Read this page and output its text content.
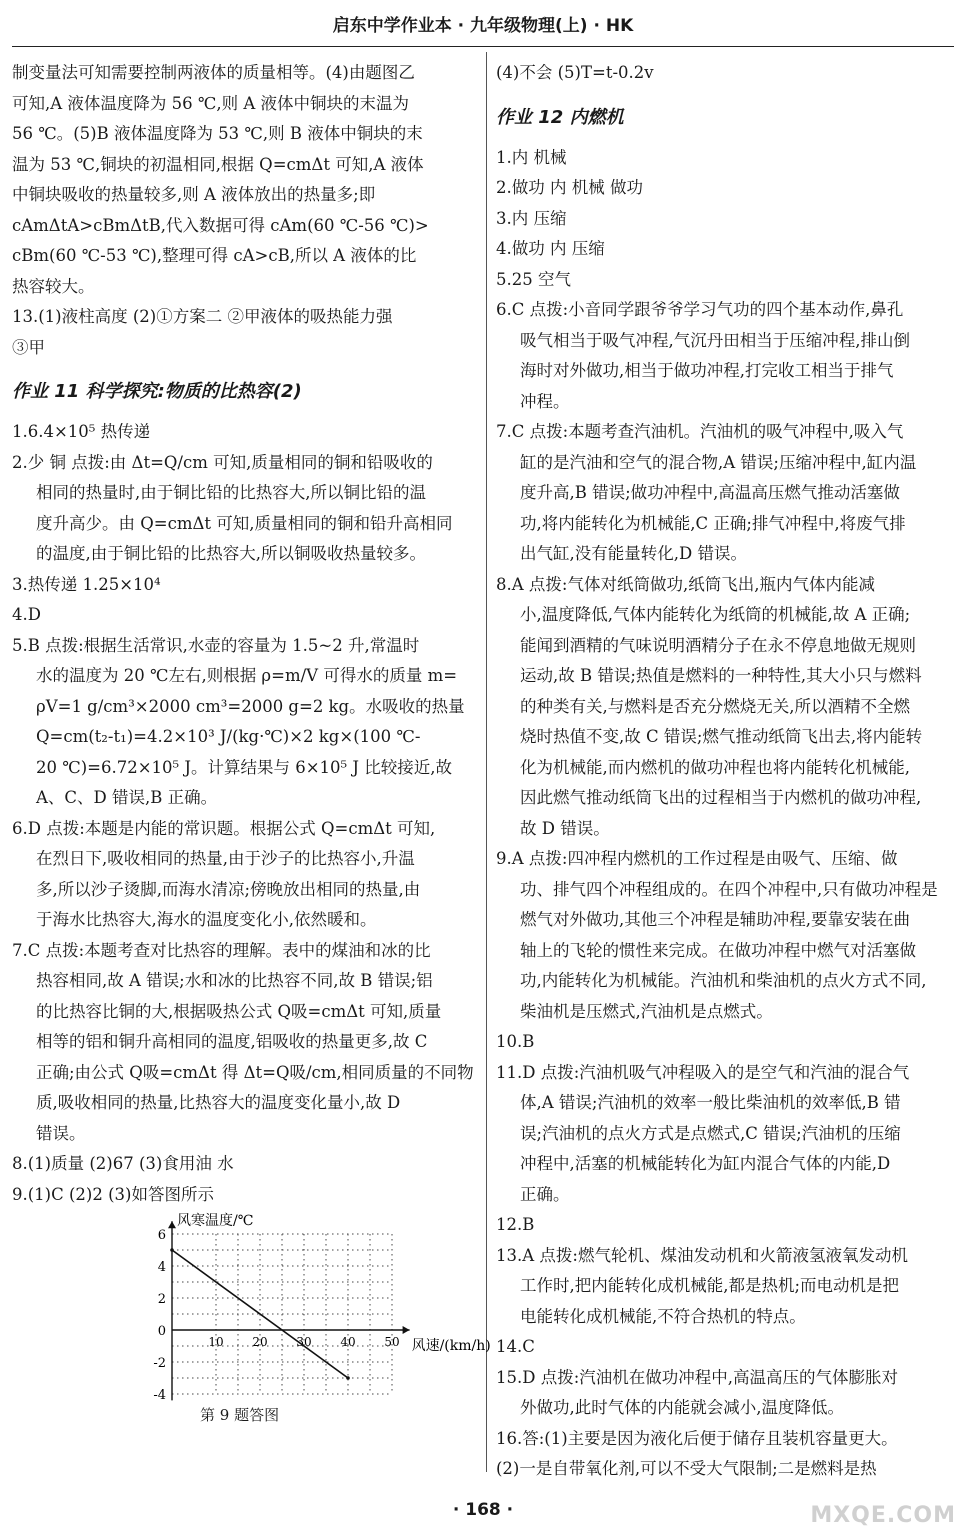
启东中学作业本 · 九年级物理(上) · HK
制变量法可知需要控制两液体的质量相等。(4)由题图乙
可知,A 液体温度降为 56 ℃,则 A 液体中铜块的末温为
56 ℃。(5)B 液体温度降为 53 ℃,则 B 液体中铜块的末
温为 53 ℃,铜块的初温相同,根据 Q=cmΔt 可知,A 液体
中铜块吸收的热量较多,则 A 液体放出的热量多;即
cAmΔtA>cBmΔtB,代入数据可得 cAm(60 ℃-56 ℃)>
cBm(60 ℃-53 ℃),整理可得 cA>cB,所以 A 液体的比
热容较大。
13.(1)液柱高度 (2)①方案二 ②甲液体的吸热能力强
③甲
作业 11 科学探究:物质的比热容(2)
1.6.4×10⁵ 热传递
2.少 铜 点拨:由 Δt=Q/cm 可知,质量相同的铜和铅吸收的
相同的热量时,由于铜比铅的比热容大,所以铜比铅的温
度升高少。由 Q=cmΔt 可知,质量相同的铜和铅升高相同
的温度,由于铜比铅的比热容大,所以铜吸收热量较多。
3.热传递 1.25×10⁴
4.D
5.B 点拨:根据生活常识,水壶的容量为 1.5~2 升,常温时
水的温度为 20 ℃左右,则根据 ρ=m/V 可得水的质量 m=
ρV=1 g/cm³×2000 cm³=2000 g=2 kg。水吸收的热量
Q=cm(t₂-t₁)=4.2×10³ J/(kg·℃)×2 kg×(100 ℃-
20 ℃)=6.72×10⁵ J。计算结果与 6×10⁵ J 比较接近,故
A、C、D 错误,B 正确。
6.D 点拨:本题是内能的常识题。根据公式 Q=cmΔt 可知,
在烈日下,吸收相同的热量,由于沙子的比热容小,升温
多,所以沙子烫脚,而海水清凉;傍晚放出相同的热量,由
于海水比热容大,海水的温度变化小,依然暖和。
7.C 点拨:本题考查对比热容的理解。表中的煤油和冰的比
热容相同,故 A 错误;水和冰的比热容不同,故 B 错误;铝
的比热容比铜的大,根据吸热公式 Q吸=cmΔt 可知,质量
相等的铝和铜升高相同的温度,铝吸收的热量更多,故 C
正确;由公式 Q吸=cmΔt 得 Δt=Q吸/cm,相同质量的不同物
质,吸收相同的热量,比热容大的温度变化量小,故 D
错误。
8.(1)质量 (2)67 (3)食用油 水
9.(1)C (2)2 (3)如答图所示
6
4
2
0
-2
-4
10 20 30 40 50
风寒温度/℃
风速/(km/h)
第 9 题答图
(4)不会 (5)T=t-0.2v
作业 12 内燃机
1.内 机械
2.做功 内 机械 做功
3.内 压缩
4.做功 内 压缩
5.25 空气
6.C 点拨:小音同学跟爷爷学习气功的四个基本动作,鼻孔
吸气相当于吸气冲程,气沉丹田相当于压缩冲程,排山倒
海时对外做功,相当于做功冲程,打完收工相当于排气
冲程。
7.C 点拨:本题考查汽油机。汽油机的吸气冲程中,吸入气
缸的是汽油和空气的混合物,A 错误;压缩冲程中,缸内温
度升高,B 错误;做功冲程中,高温高压燃气推动活塞做
功,将内能转化为机械能,C 正确;排气冲程中,将废气排
出气缸,没有能量转化,D 错误。
8.A 点拨:气体对纸筒做功,纸筒飞出,瓶内气体内能减
小,温度降低,气体内能转化为纸筒的机械能,故 A 正确;
能闻到酒精的气味说明酒精分子在永不停息地做无规则
运动,故 B 错误;热值是燃料的一种特性,其大小只与燃料
的种类有关,与燃料是否充分燃烧无关,所以酒精不全燃
烧时热值不变,故 C 错误;燃气推动纸筒飞出去,将内能转
化为机械能,而内燃机的做功冲程也将内能转化机械能,
因此燃气推动纸筒飞出的过程相当于内燃机的做功冲程,
故 D 错误。
9.A 点拨:四冲程内燃机的工作过程是由吸气、压缩、做
功、排气四个冲程组成的。在四个冲程中,只有做功冲程是
燃气对外做功,其他三个冲程是辅助冲程,要靠安装在曲
轴上的飞轮的惯性来完成。在做功冲程中燃气对活塞做
功,内能转化为机械能。汽油机和柴油机的点火方式不同,
柴油机是压燃式,汽油机是点燃式。
10.B
11.D 点拨:汽油机吸气冲程吸入的是空气和汽油的混合气
体,A 错误;汽油机的效率一般比柴油机的效率低,B 错
误;汽油机的点火方式是点燃式,C 错误;汽油机的压缩
冲程中,活塞的机械能转化为缸内混合气体的内能,D
正确。
12.B
13.A 点拨:燃气轮机、煤油发动机和火箭液氢液氧发动机
工作时,把内能转化成机械能,都是热机;而电动机是把
电能转化成机械能,不符合热机的特点。
14.C
15.D 点拨:汽油机在做功冲程中,高温高压的气体膨胀对
外做功,此时气体的内能就会减小,温度降低。
16.答:(1)主要是因为液化后便于储存且装机容量更大。
(2)一是自带氧化剂,可以不受大气限制;二是燃料是热
· 168 ·	MXQE.COM
